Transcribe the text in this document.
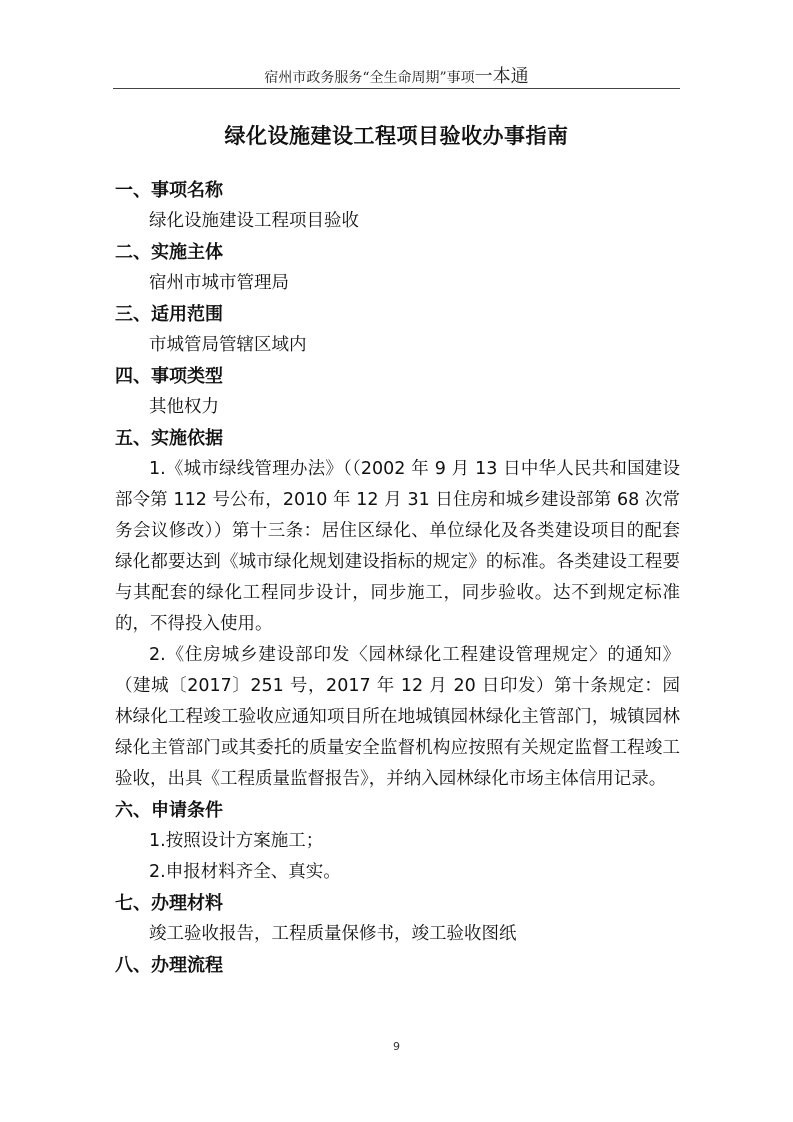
宿州市政务服务“全生命周期”事项一本通
绿化设施建设工程项目验收办事指南

一、事项名称

绿化设施建设工程项目验收

二、实施主体

宿州市城市管理局

三、适用范围

市城管局管辖区域内

四、事项类型

其他权力

五、实施依据

1.《城市绿线管理办法》（（2002 年 9 月 13 日中华人民共和国建设部令第 112 号公布，2010 年 12 月 31 日住房和城乡建设部第 68 次常务会议修改））第十三条：居住区绿化、单位绿化及各类建设项目的配套绿化都要达到《城市绿化规划建设指标的规定》的标准。各类建设工程要与其配套的绿化工程同步设计，同步施工，同步验收。达不到规定标准的，不得投入使用。

2.《住房城乡建设部印发〈园林绿化工程建设管理规定〉的通知》（建城〔2017〕251 号，2017 年 12 月 20 日印发）第十条规定：园林绿化工程竣工验收应通知项目所在地城镇园林绿化主管部门，城镇园林绿化主管部门或其委托的质量安全监督机构应按照有关规定监督工程竣工验收，出具《工程质量监督报告》，并纳入园林绿化市场主体信用记录。

六、申请条件

1.按照设计方案施工；

2.申报材料齐全、真实。

七、办理材料

竣工验收报告，工程质量保修书，竣工验收图纸

八、办理流程

9
